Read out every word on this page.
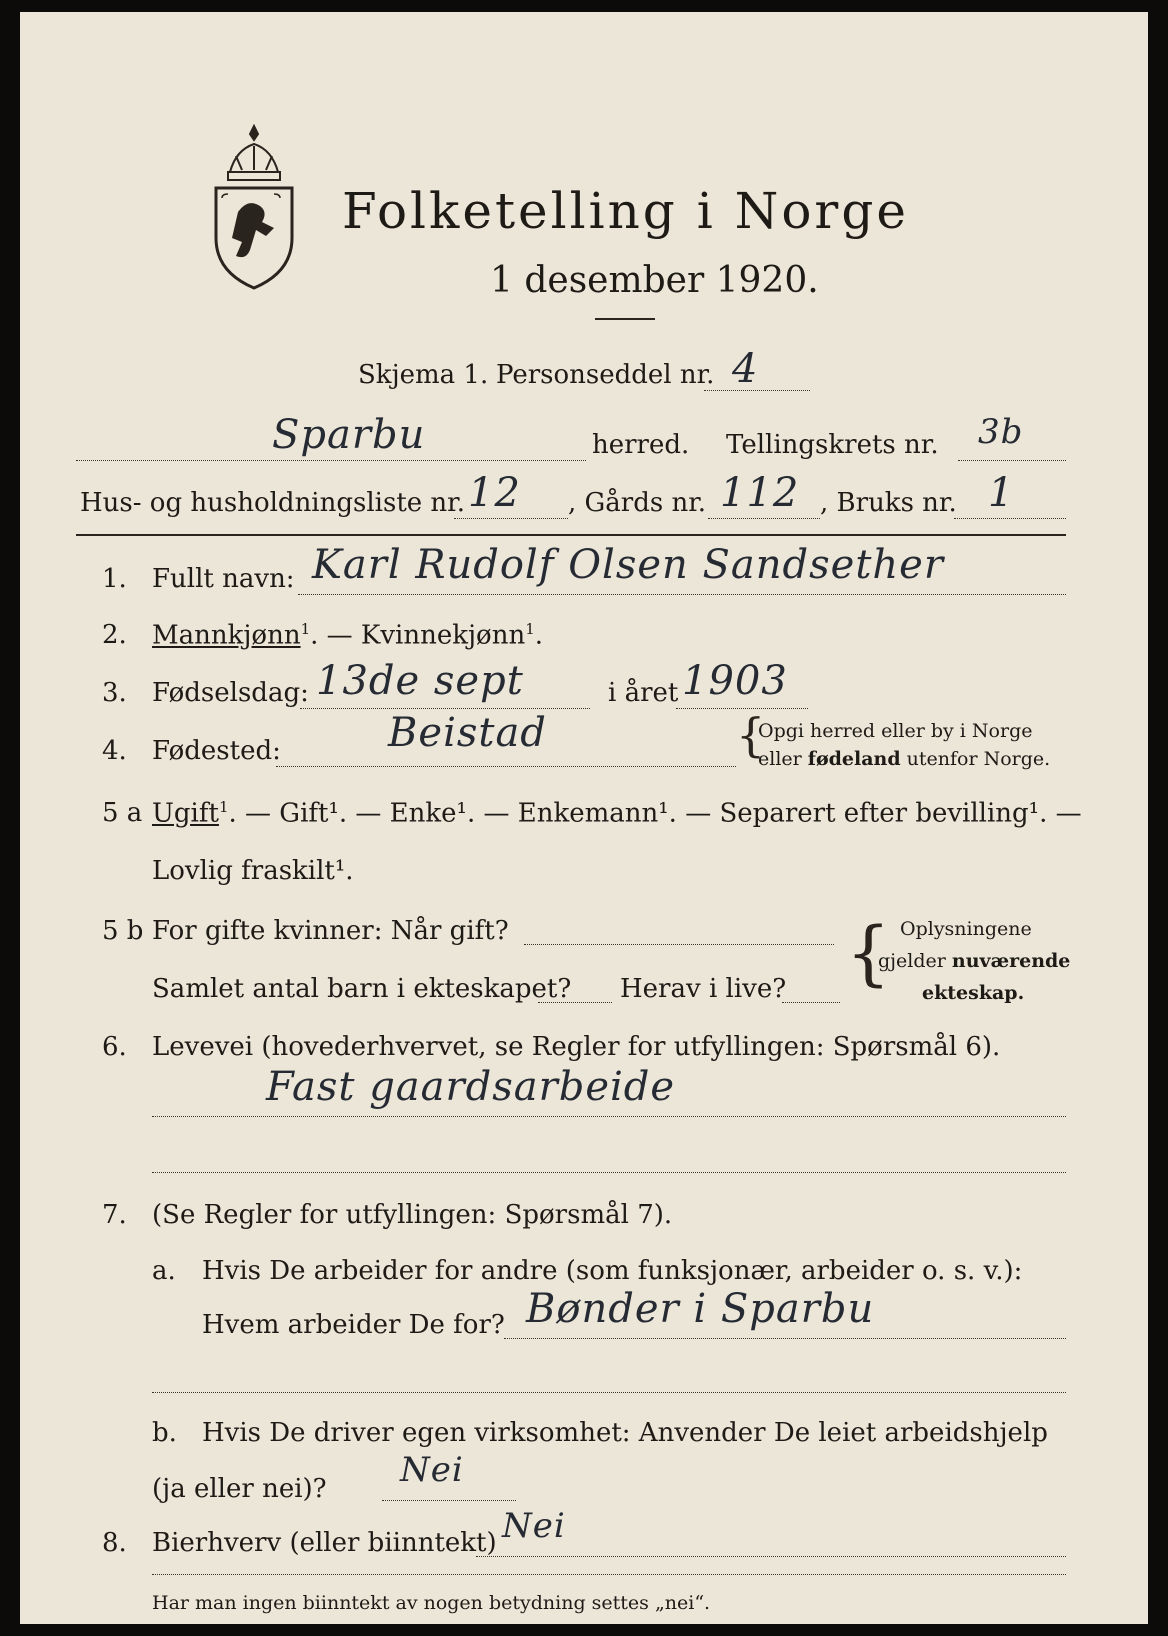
Folketelling i Norge
1 desember 1920.
Skjema 1. Personseddel nr. 4
Sparbu	herred. Tellingskrets nr. 3b
Hus- og husholdningsliste nr. 12 , Gårds nr. 112 , Bruks nr. 1
1. Fullt navn: Karl Rudolf Olsen Sandsether
2. Mannkjønn$^1$. — Kvinnekjønn$^1$.
3. Fødselsdag: 13de sept	i året 1903
4. Fødested:	Beistad	{
Opgi herred eller by i Norge
eller fødeland utenfor Norge.
5 a Ugift$^1$. — Gift¹. — Enke¹. — Enkemann¹. — Separert efter bevilling¹. —
Lovlig fraskilt¹.
5 b For gifte kvinner: Når gift?
Samlet antal barn i ekteskapet? Herav i live? { Oplysningene
gjelder nuværende
ekteskap.
6. Levevei (hovederhvervet, se Regler for utfyllingen: Spørsmål 6).
Fast gaardsarbeide
7. (Se Regler for utfyllingen: Spørsmål 7).
a. Hvis De arbeider for andre (som funksjonær, arbeider o. s. v.):
Hvem arbeider De for? Bønder i Sparbu
b. Hvis De driver egen virksomhet: Anvender De leiet arbeidshjelp
(ja eller nei)? Nei
8. Bierhverv (eller biinntekt) Nei
Har man ingen biinntekt av nogen betydning settes „nei“.
